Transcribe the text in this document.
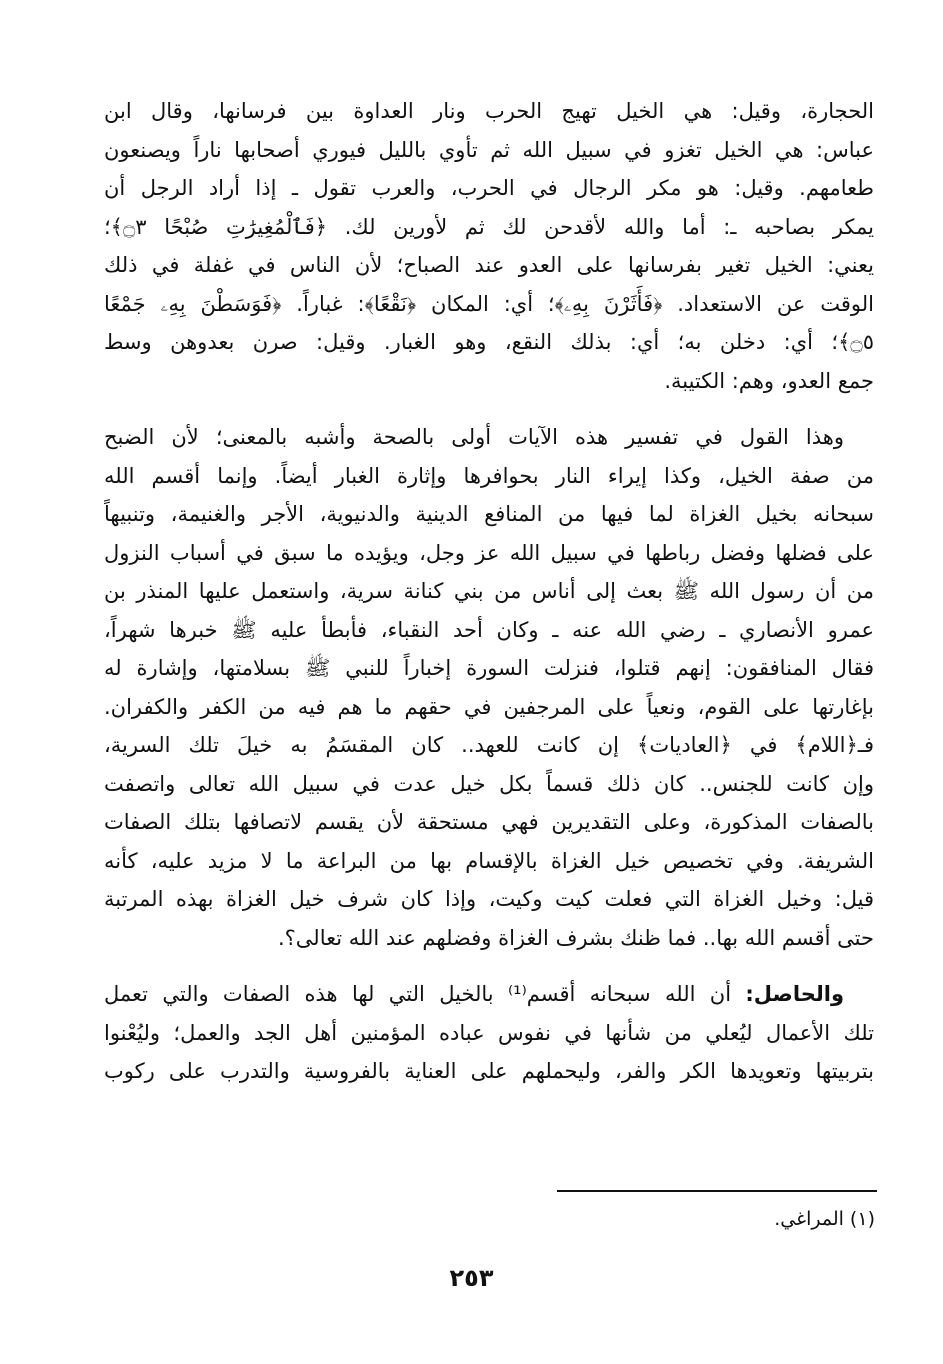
الحجارة، وقيل: هي الخيل تهيج الحرب ونار العداوة بين فرسانها، وقال ابن
عباس: هي الخيل تغزو في سبيل الله ثم تأوي بالليل فيوري أصحابها ناراً ويصنعون
طعامهم. وقيل: هو مكر الرجال في الحرب، والعرب تقول ـ إذا أراد الرجل أن
يمكر بصاحبه ـ: أما والله لأقدحن لك ثم لأورين لك. ﴿فَٱلْمُغِيرَٰتِ صُبْحًا ۝٣﴾؛
يعني: الخيل تغير بفرسانها على العدو عند الصباح؛ لأن الناس في غفلة في ذلك
الوقت عن الاستعداد. ﴿فَأَثَرْنَ بِهِۦ﴾؛ أي: المكان ﴿نَقْعًا﴾: غباراً. ﴿فَوَسَطْنَ بِهِۦ جَمْعًا
۝٥﴾؛ أي: دخلن به؛ أي: بذلك النقع، وهو الغبار. وقيل: صرن بعدوهن وسط
جمع العدو، وهم: الكتيبة.

وهذا القول في تفسير هذه الآيات أولى بالصحة وأشبه بالمعنى؛ لأن الضبح
من صفة الخيل، وكذا إيراء النار بحوافرها وإثارة الغبار أيضاً. وإنما أقسم الله
سبحانه بخيل الغزاة لما فيها من المنافع الدينية والدنيوية، الأجر والغنيمة، وتنبيهاً
على فضلها وفضل رباطها في سبيل الله عز وجل، ويؤيده ما سبق في أسباب النزول
من أن رسول الله ﷺ بعث إلى أناس من بني كنانة سرية، واستعمل عليها المنذر بن
عمرو الأنصاري ـ رضي الله عنه ـ وكان أحد النقباء، فأبطأ عليه ﷺ خبرها شهراً،
فقال المنافقون: إنهم قتلوا، فنزلت السورة إخباراً للنبي ﷺ بسلامتها، وإشارة له
بإغارتها على القوم، ونعياً على المرجفين في حقهم ما هم فيه من الكفر والكفران.
فـ﴿اللام﴾ في ﴿العاديات﴾ إن كانت للعهد.. كان المقسَمُ به خيلَ تلك السرية،
وإن كانت للجنس.. كان ذلك قسماً بكل خيل عدت في سبيل الله تعالى واتصفت
بالصفات المذكورة، وعلى التقديرين فهي مستحقة لأن يقسم لاتصافها بتلك الصفات
الشريفة. وفي تخصيص خيل الغزاة بالإقسام بها من البراعة ما لا مزيد عليه، كأنه
قيل: وخيل الغزاة التي فعلت كيت وكيت، وإذا كان شرف خيل الغزاة بهذه المرتبة
حتى أقسم الله بها.. فما ظنك بشرف الغزاة وفضلهم عند الله تعالى؟.

والحاصل: أن الله سبحانه أقسم⁽¹⁾ بالخيل التي لها هذه الصفات والتي تعمل
تلك الأعمال ليُعلي من شأنها في نفوس عباده المؤمنين أهل الجد والعمل؛ وليُعْنوا
بتربيتها وتعويدها الكر والفر، وليحملهم على العناية بالفروسية والتدرب على ركوب

(١) المراغي.
٢٥٣
